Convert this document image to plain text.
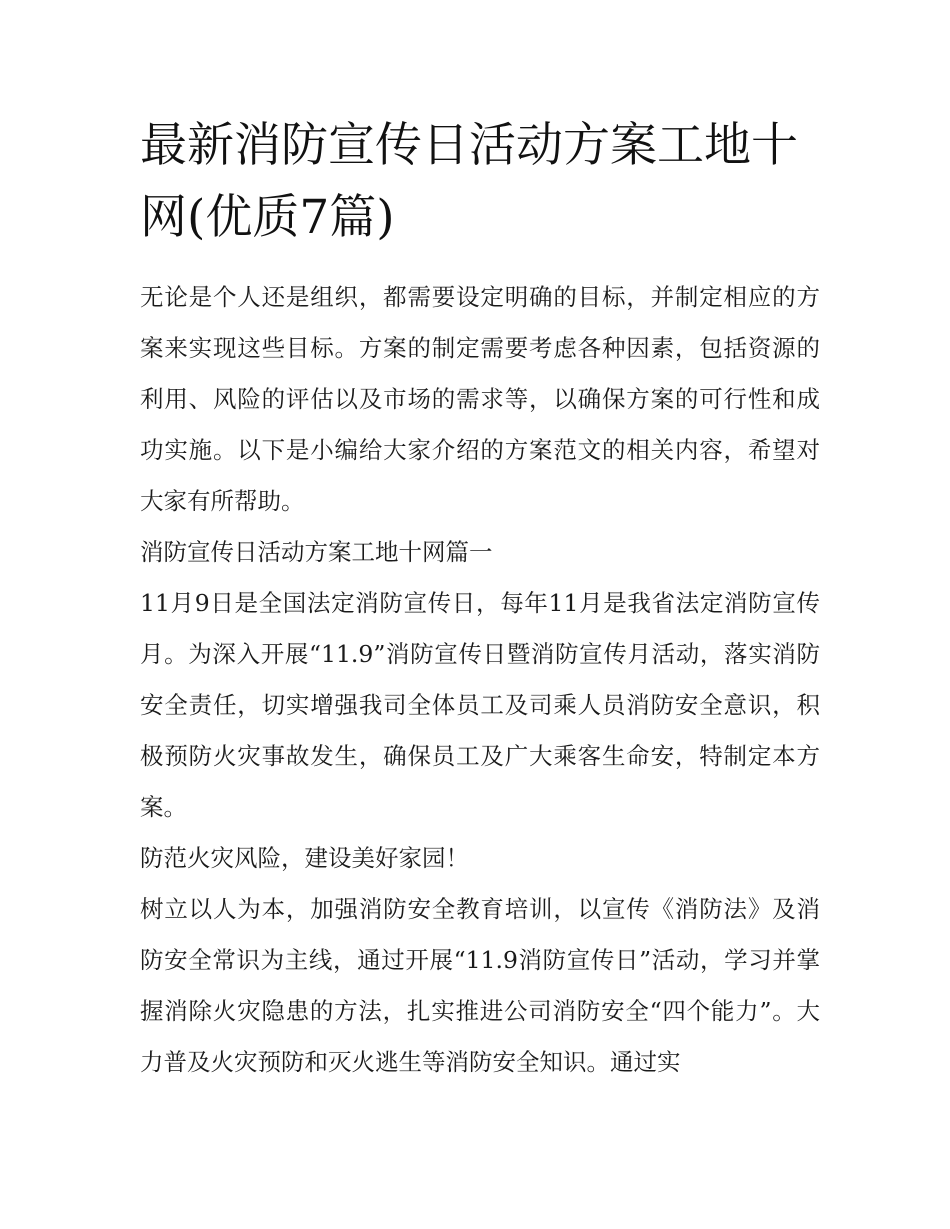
最新消防宣传日活动方案工地十网(优质7篇)

无论是个人还是组织，都需要设定明确的目标，并制定相应的方案来实现这些目标。方案的制定需要考虑各种因素，包括资源的利用、风险的评估以及市场的需求等，以确保方案的可行性和成功实施。以下是小编给大家介绍的方案范文的相关内容，希望对大家有所帮助。

消防宣传日活动方案工地十网篇一

11月9日是全国法定消防宣传日，每年11月是我省法定消防宣传月。为深入开展“11.9”消防宣传日暨消防宣传月活动，落实消防安全责任，切实增强我司全体员工及司乘人员消防安全意识，积极预防火灾事故发生，确保员工及广大乘客生命安，特制定本方案。

防范火灾风险，建设美好家园！

树立以人为本，加强消防安全教育培训，以宣传《消防法》及消防安全常识为主线，通过开展“11.9消防宣传日”活动，学习并掌握消除火灾隐患的方法，扎实推进公司消防安全“四个能力”。大力普及火灾预防和灭火逃生等消防安全知识。通过实
